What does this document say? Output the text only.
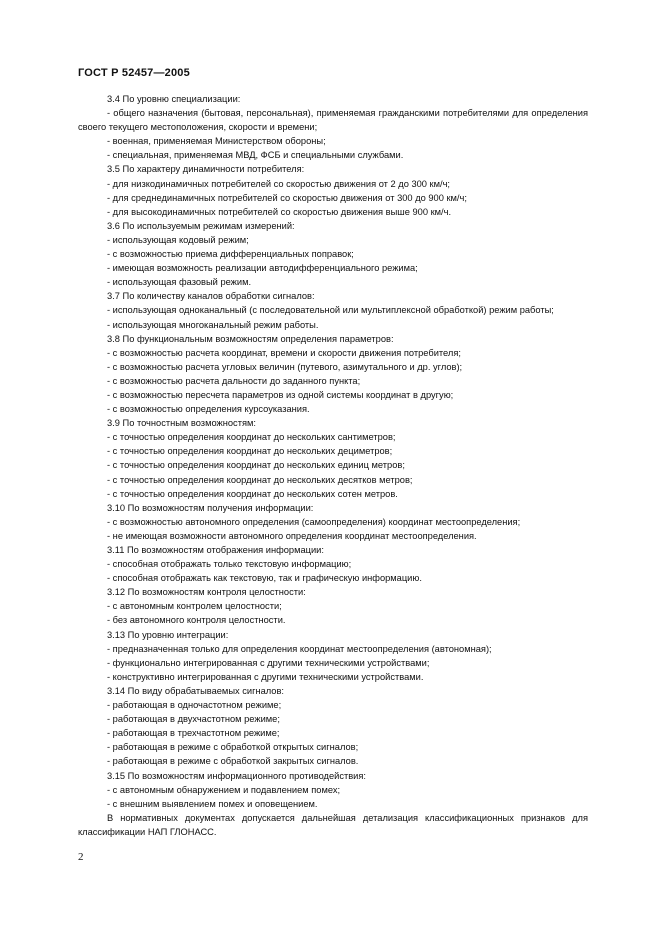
ГОСТ Р 52457—2005
3.4 По уровню специализации:
- общего назначения (бытовая, персональная), применяемая гражданскими потребителями для определения своего текущего местоположения, скорости и времени;
- военная, применяемая Министерством обороны;
- специальная, применяемая МВД, ФСБ и специальными службами.
3.5 По характеру динамичности потребителя:
- для низкодинамичных потребителей со скоростью движения от 2 до 300 км/ч;
- для среднединамичных потребителей со скоростью движения от 300 до 900 км/ч;
- для высокодинамичных потребителей со скоростью движения выше 900 км/ч.
3.6 По используемым режимам измерений:
- использующая кодовый режим;
- с возможностью приема дифференциальных поправок;
- имеющая возможность реализации автодифференциального режима;
- использующая фазовый режим.
3.7 По количеству каналов обработки сигналов:
- использующая одноканальный (с последовательной или мультиплексной обработкой) режим работы;
- использующая многоканальный режим работы.
3.8 По функциональным возможностям определения параметров:
- с возможностью расчета координат, времени и скорости движения потребителя;
- с возможностью расчета угловых величин (путевого, азимутального и др. углов);
- с возможностью расчета дальности до заданного пункта;
- с возможностью пересчета параметров из одной системы координат в другую;
- с возможностью определения курсоуказания.
3.9 По точностным возможностям:
- с точностью определения координат до нескольких сантиметров;
- с точностью определения координат до нескольких дециметров;
- с точностью определения координат до нескольких единиц метров;
- с точностью определения координат до нескольких десятков метров;
- с точностью определения координат до нескольких сотен метров.
3.10 По возможностям получения информации:
- с возможностью автономного определения (самоопределения) координат местоопределения;
- не имеющая возможности автономного определения координат местоопределения.
3.11 По возможностям отображения информации:
- способная отображать только текстовую информацию;
- способная отображать как текстовую, так и графическую информацию.
3.12 По возможностям контроля целостности:
- с автономным контролем целостности;
- без автономного контроля целостности.
3.13 По уровню интеграции:
- предназначенная только для определения координат местоопределения (автономная);
- функционально интегрированная с другими техническими устройствами;
- конструктивно интегрированная с другими техническими устройствами.
3.14 По виду обрабатываемых сигналов:
- работающая в одночастотном режиме;
- работающая в двухчастотном режиме;
- работающая в трехчастотном режиме;
- работающая в режиме с обработкой открытых сигналов;
- работающая в режиме с обработкой закрытых сигналов.
3.15 По возможностям информационного противодействия:
- с автономным обнаружением и подавлением помех;
- с внешним выявлением помех и оповещением.
В нормативных документах допускается дальнейшая детализация классификационных признаков для классификации НАП ГЛОНАСС.
2
